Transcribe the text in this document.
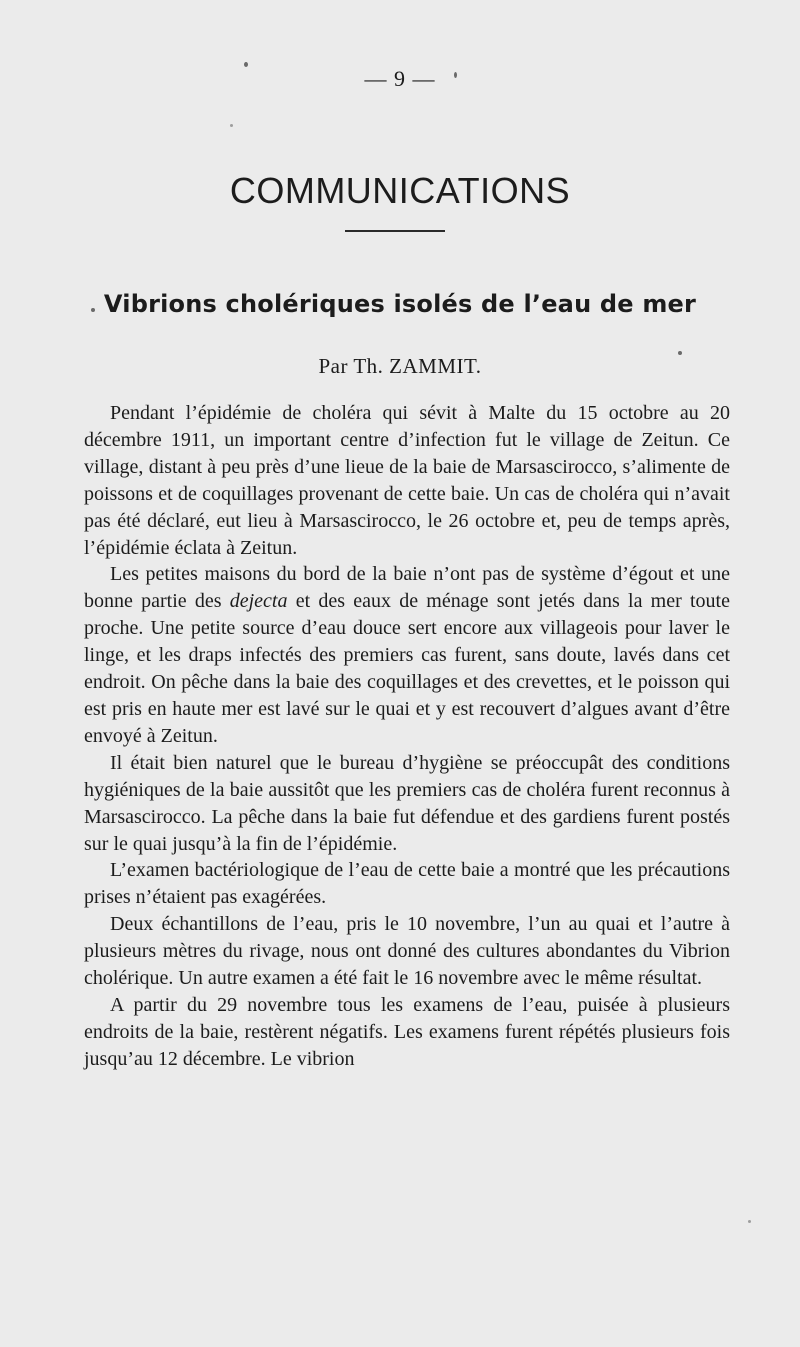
— 9 —
COMMUNICATIONS
Vibrions cholériques isolés de l’eau de mer
Par Th. ZAMMIT.

Pendant l’épidémie de choléra qui sévit à Malte du 15 octobre au 20 décembre 1911, un important centre d’infection fut le village de Zeitun. Ce village, distant à peu près d’une lieue de la baie de Marsascirocco, s’alimente de poissons et de coquillages provenant de cette baie. Un cas de choléra qui n’avait pas été déclaré, eut lieu à Marsascirocco, le 26 octobre et, peu de temps après, l’épidémie éclata à Zeitun.

Les petites maisons du bord de la baie n’ont pas de système d’égout et une bonne partie des dejecta et des eaux de ménage sont jetés dans la mer toute proche. Une petite source d’eau douce sert encore aux villageois pour laver le linge, et les draps infectés des premiers cas furent, sans doute, lavés dans cet endroit. On pêche dans la baie des coquillages et des crevettes, et le poisson qui est pris en haute mer est lavé sur le quai et y est recouvert d’algues avant d’être envoyé à Zeitun.

Il était bien naturel que le bureau d’hygiène se préoccupât des conditions hygiéniques de la baie aussitôt que les premiers cas de choléra furent reconnus à Marsascirocco. La pêche dans la baie fut défendue et des gardiens furent postés sur le quai jusqu’à la fin de l’épidémie.

L’examen bactériologique de l’eau de cette baie a montré que les précautions prises n’étaient pas exagérées.

Deux échantillons de l’eau, pris le 10 novembre, l’un au quai et l’autre à plusieurs mètres du rivage, nous ont donné des cultures abondantes du Vibrion cholérique. Un autre examen a été fait le 16 novembre avec le même résultat.

A partir du 29 novembre tous les examens de l’eau, puisée à plusieurs endroits de la baie, restèrent négatifs. Les examens furent répétés plusieurs fois jusqu’au 12 décembre. Le vibrion
